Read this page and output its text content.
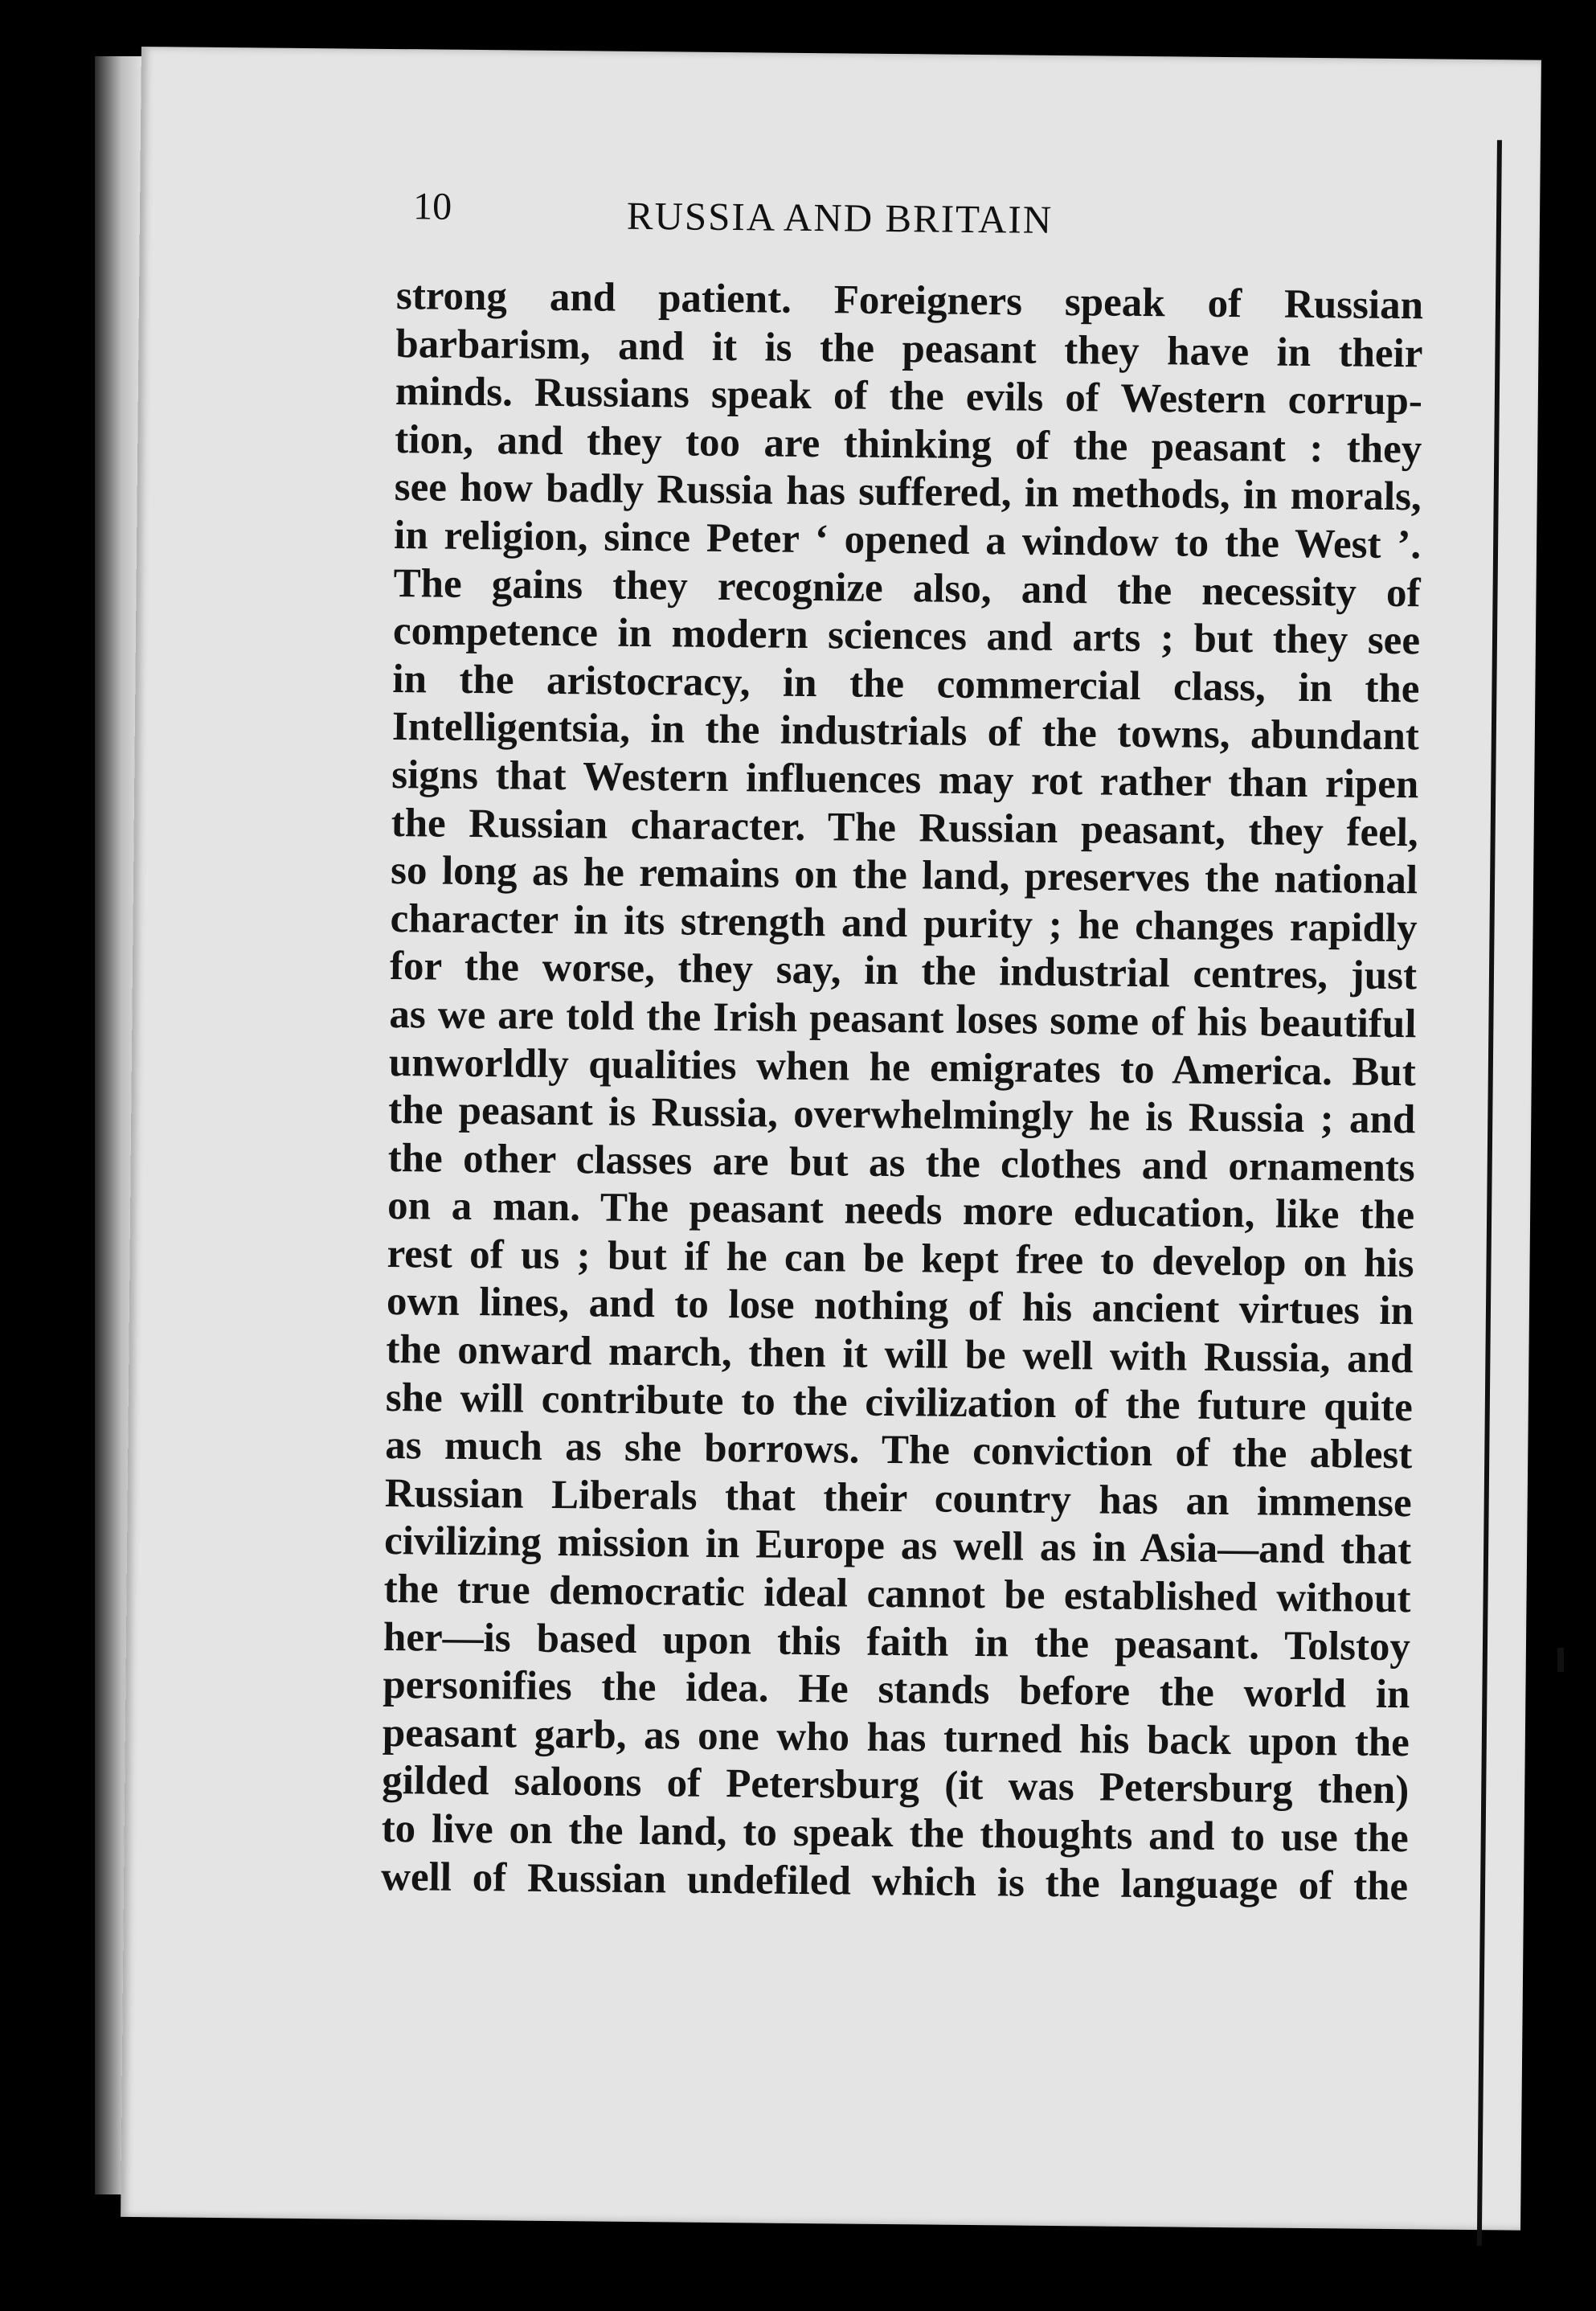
10	RUSSIA AND BRITAIN
strong and patient. Foreigners speak of Russian
barbarism, and it is the peasant they have in their
minds. Russians speak of the evils of Western corrup-
tion, and they too are thinking of the peasant : they
see how badly Russia has suffered, in methods, in morals,
in religion, since Peter ‘ opened a window to the West ’.
The gains they recognize also, and the necessity of
competence in modern sciences and arts ; but they see
in the aristocracy, in the commercial class, in the
Intelligentsia, in the industrials of the towns, abundant
signs that Western influences may rot rather than ripen
the Russian character. The Russian peasant, they feel,
so long as he remains on the land, preserves the national
character in its strength and purity ; he changes rapidly
for the worse, they say, in the industrial centres, just
as we are told the Irish peasant loses some of his beautiful
unworldly qualities when he emigrates to America. But
the peasant is Russia, overwhelmingly he is Russia ; and
the other classes are but as the clothes and ornaments
on a man. The peasant needs more education, like the
rest of us ; but if he can be kept free to develop on his
own lines, and to lose nothing of his ancient virtues in
the onward march, then it will be well with Russia, and
she will contribute to the civilization of the future quite
as much as she borrows. The conviction of the ablest
Russian Liberals that their country has an immense
civilizing mission in Europe as well as in Asia—and that
the true democratic ideal cannot be established without
her—is based upon this faith in the peasant. Tolstoy
personifies the idea. He stands before the world in
peasant garb, as one who has turned his back upon the
gilded saloons of Petersburg (it was Petersburg then)
to live on the land, to speak the thoughts and to use the
well of Russian undefiled which is the language of the
